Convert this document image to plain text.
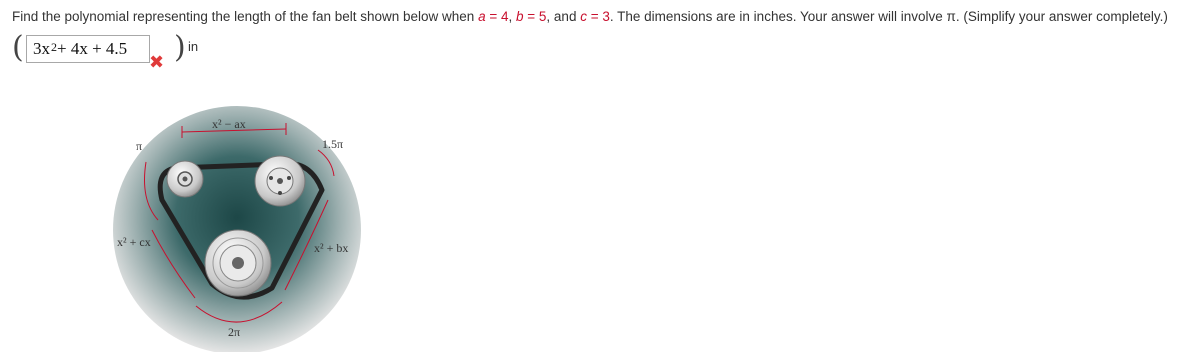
Find the polynomial representing the length of the fan belt shown below when a = 4, b = 5, and c = 3. The dimensions are in inches. Your answer will involve π. (Simplify your answer completely.)
( $3x^2 + 4x + 4.5$ ) in
✖
x² − ax
π	1.5π
x² + cx	x² + bx
2π
